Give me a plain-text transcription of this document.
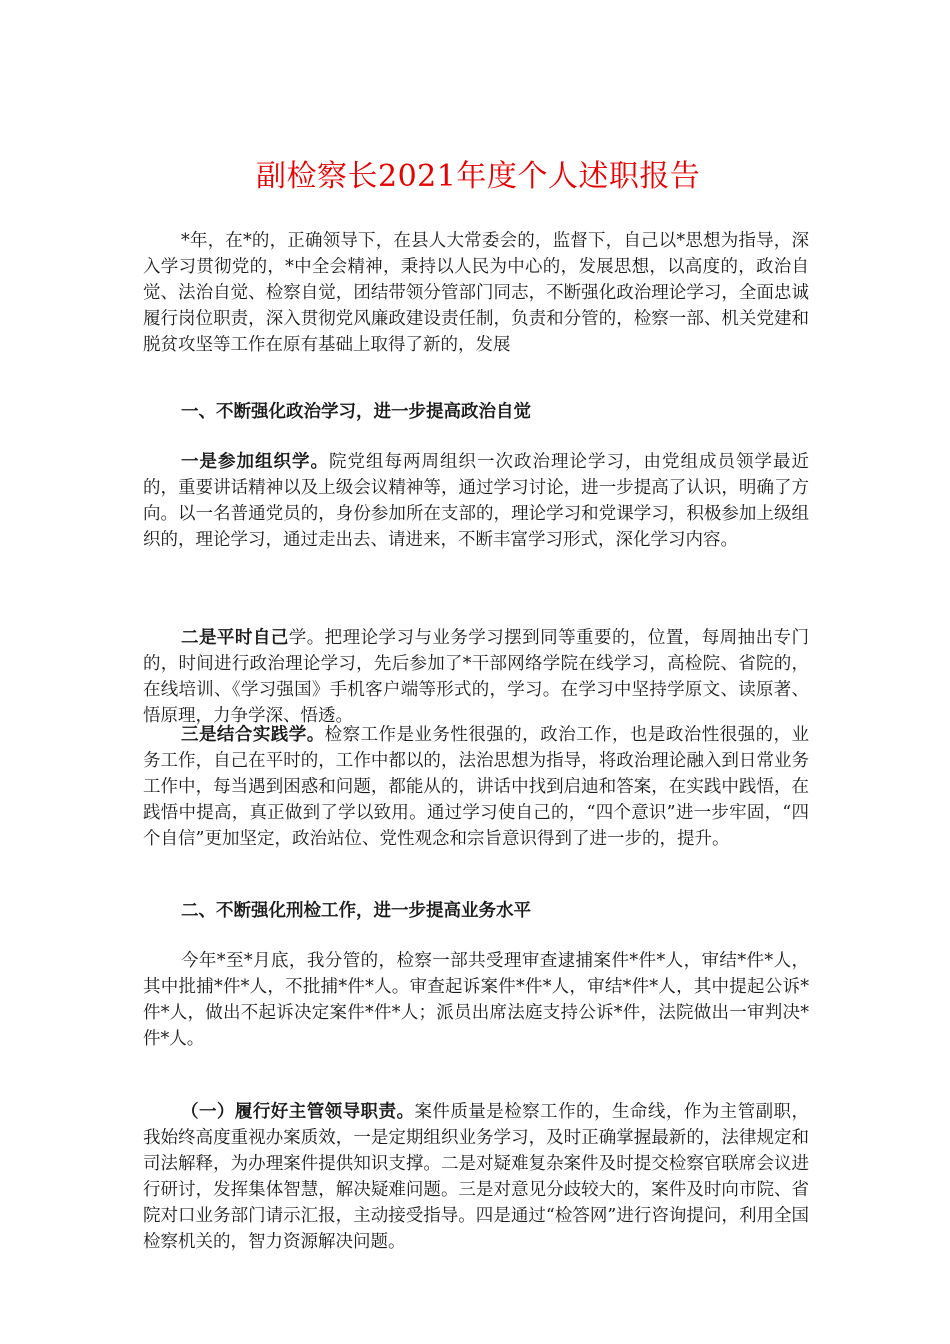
副检察长2021年度个人述职报告

*年，在*的，正确领导下，在县人大常委会的，监督下，自己以*思想为指导，深入学习贯彻党的，*中全会精神，秉持以人民为中心的，发展思想，以高度的，政治自觉、法治自觉、检察自觉，团结带领分管部门同志，不断强化政治理论学习，全面忠诚履行岗位职责，深入贯彻党风廉政建设责任制，负责和分管的，检察一部、机关党建和脱贫攻坚等工作在原有基础上取得了新的，发展

一、不断强化政治学习，进一步提高政治自觉

一是参加组织学。院党组每两周组织一次政治理论学习，由党组成员领学最近的，重要讲话精神以及上级会议精神等，通过学习讨论，进一步提高了认识，明确了方向。以一名普通党员的，身份参加所在支部的，理论学习和党课学习，积极参加上级组织的，理论学习，通过走出去、请进来，不断丰富学习形式，深化学习内容。

二是平时自己学。把理论学习与业务学习摆到同等重要的，位置，每周抽出专门的，时间进行政治理论学习，先后参加了*干部网络学院在线学习，高检院、省院的，在线培训、《学习强国》手机客户端等形式的，学习。在学习中坚持学原文、读原著、悟原理，力争学深、悟透。

三是结合实践学。检察工作是业务性很强的，政治工作，也是政治性很强的，业务工作，自己在平时的，工作中都以的，法治思想为指导，将政治理论融入到日常业务工作中，每当遇到困惑和问题，都能从的，讲话中找到启迪和答案，在实践中践悟，在践悟中提高，真正做到了学以致用。通过学习使自己的，“四个意识”进一步牢固，“四个自信”更加坚定，政治站位、党性观念和宗旨意识得到了进一步的，提升。

二、不断强化刑检工作，进一步提高业务水平

今年*至*月底，我分管的，检察一部共受理审查逮捕案件*件*人，审结*件*人，其中批捕*件*人，不批捕*件*人。审查起诉案件*件*人，审结*件*人，其中提起公诉*件*人，做出不起诉决定案件*件*人；派员出席法庭支持公诉*件，法院做出一审判决*件*人。

（一）履行好主管领导职责。案件质量是检察工作的，生命线，作为主管副职，我始终高度重视办案质效，一是定期组织业务学习，及时正确掌握最新的，法律规定和司法解释，为办理案件提供知识支撑。二是对疑难复杂案件及时提交检察官联席会议进行研讨，发挥集体智慧，解决疑难问题。三是对意见分歧较大的，案件及时向市院、省院对口业务部门请示汇报，主动接受指导。四是通过“检答网”进行咨询提问，利用全国检察机关的，智力资源解决问题。
